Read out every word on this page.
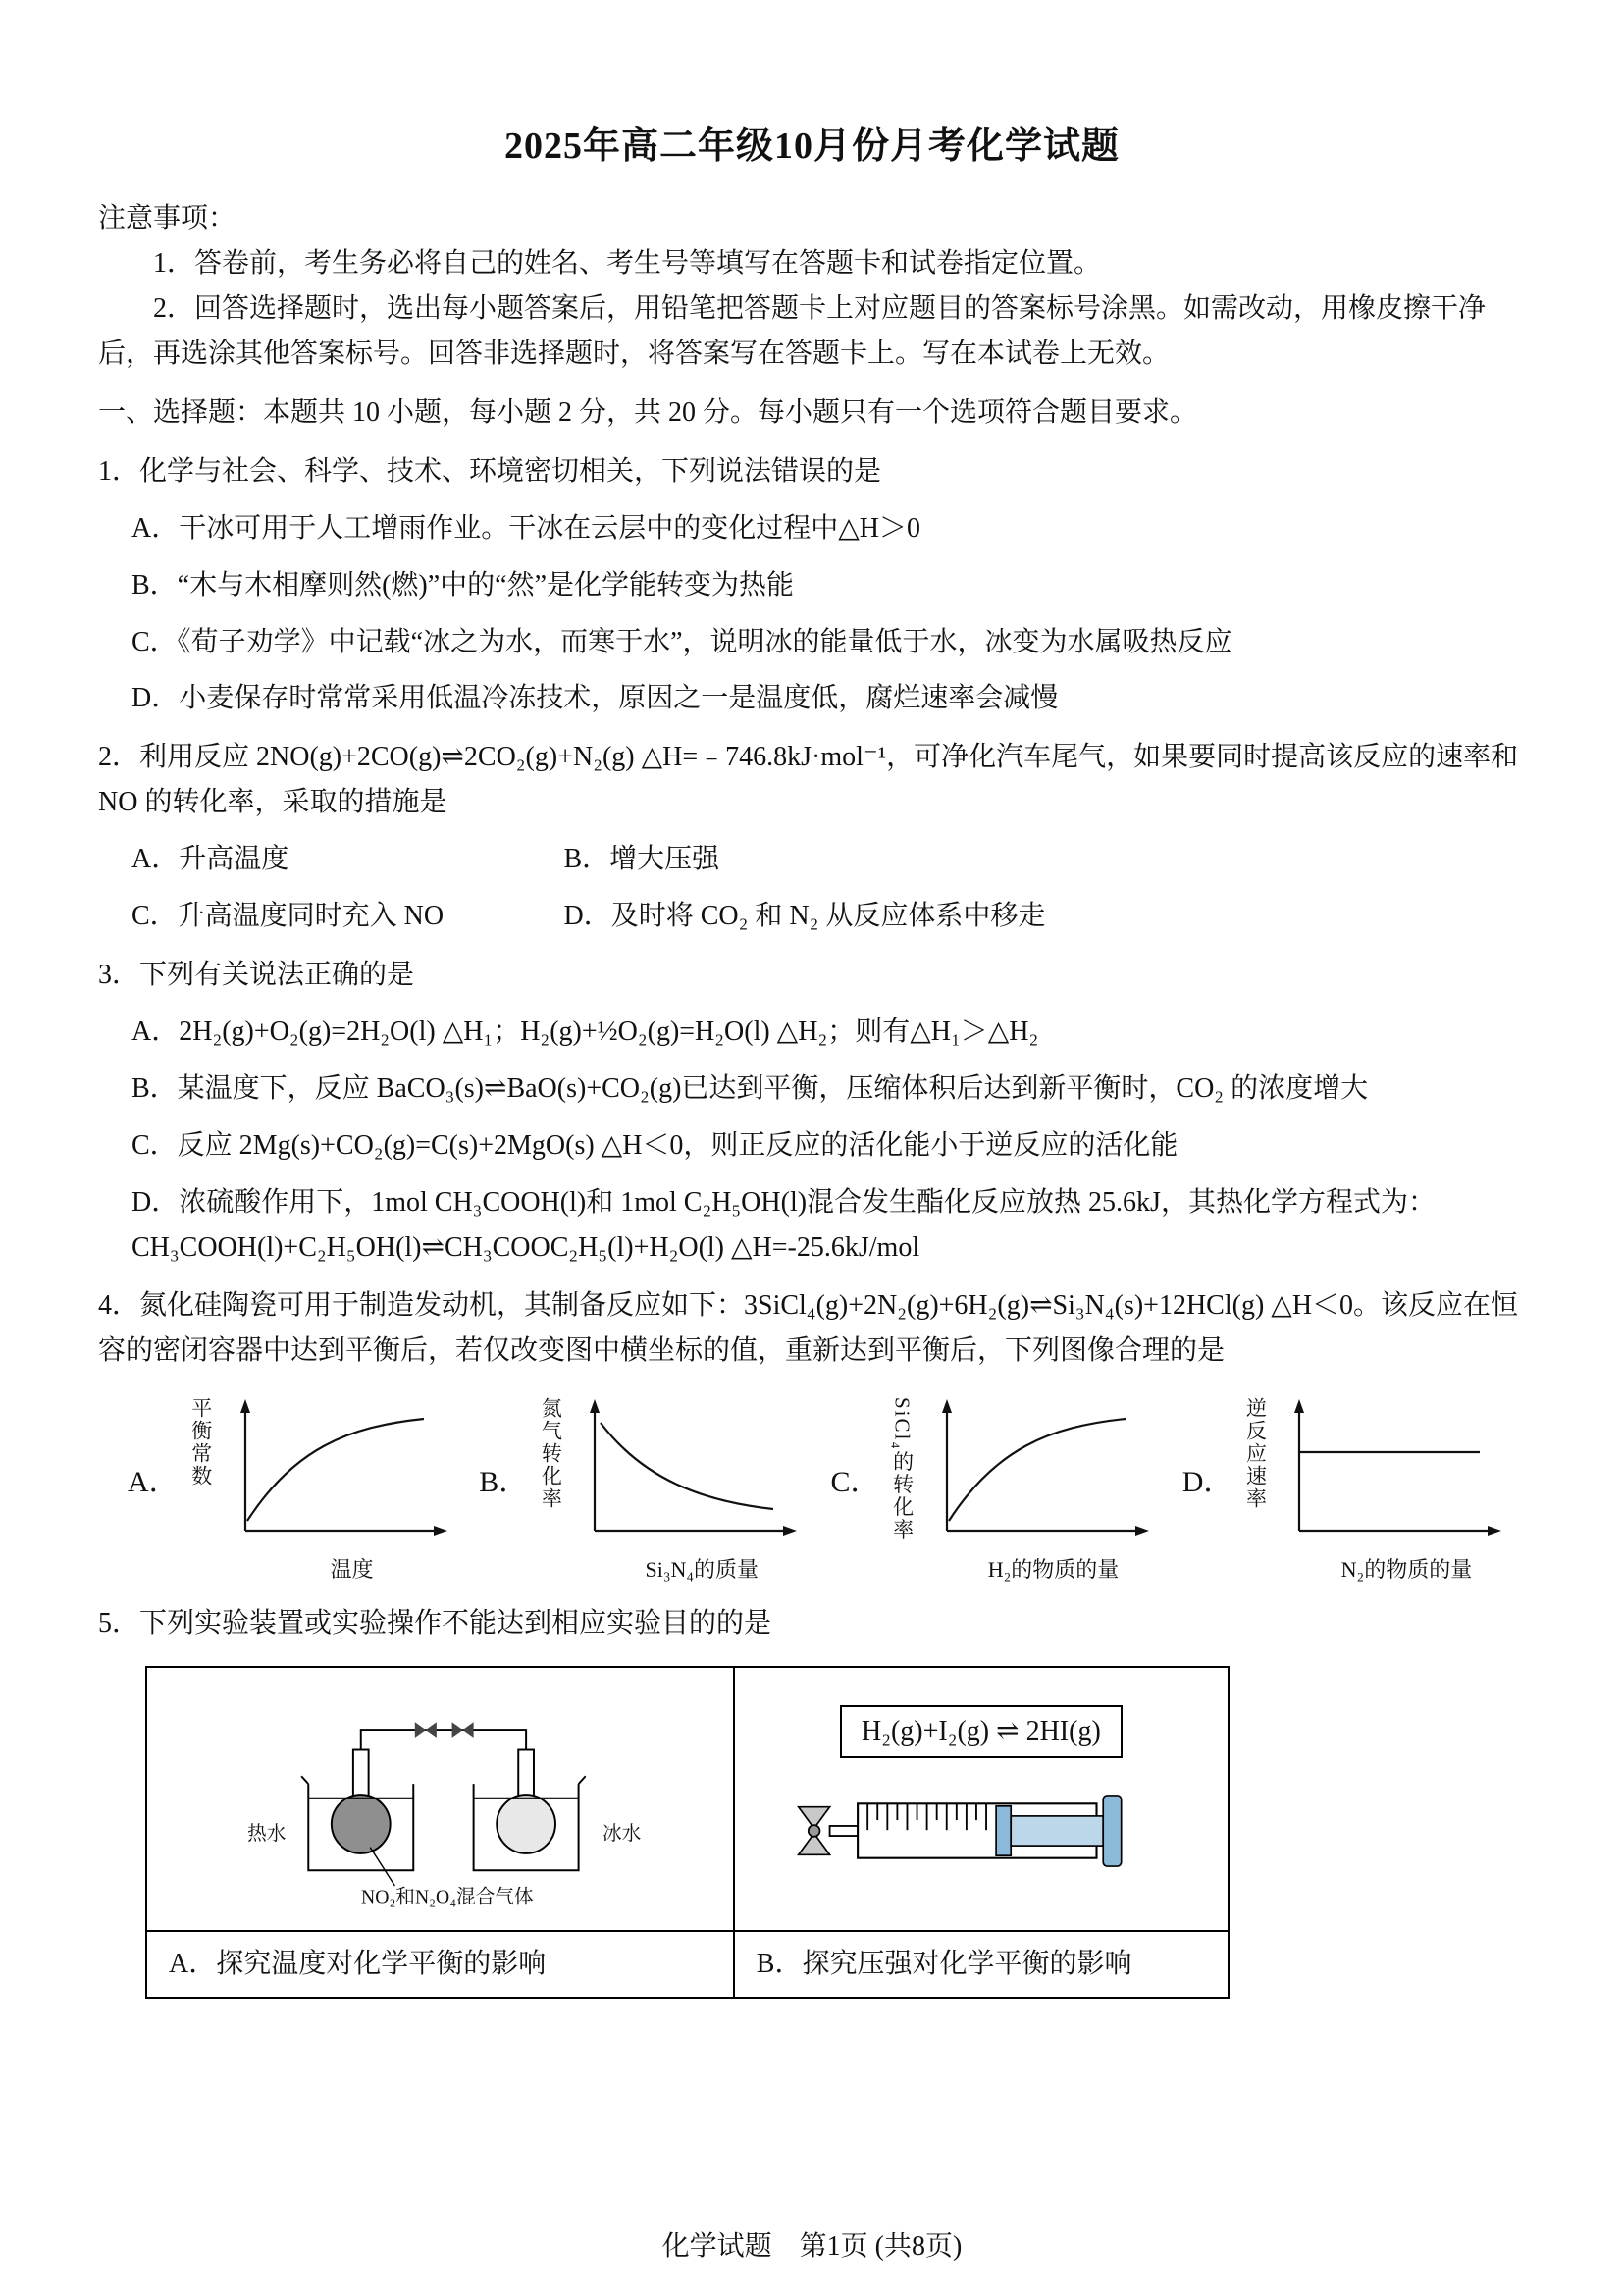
2025年高二年级10月份月考化学试题

注意事项：

1．答卷前，考生务必将自己的姓名、考生号等填写在答题卡和试卷指定位置。

2．回答选择题时，选出每小题答案后，用铅笔把答题卡上对应题目的答案标号涂黑。如需改动，用橡皮擦干净后，再选涂其他答案标号。回答非选择题时，将答案写在答题卡上。写在本试卷上无效。

一、选择题：本题共 10 小题，每小题 2 分，共 20 分。每小题只有一个选项符合题目要求。

1．化学与社会、科学、技术、环境密切相关，下列说法错误的是

A．干冰可用于人工增雨作业。干冰在云层中的变化过程中△H＞0

B．“木与木相摩则然(燃)”中的“然”是化学能转变为热能

C．《荀子劝学》中记载“冰之为水，而寒于水”，说明冰的能量低于水，冰变为水属吸热反应

D．小麦保存时常常采用低温冷冻技术，原因之一是温度低，腐烂速率会减慢

2．利用反应 2NO(g)+2CO(g)⇌2CO₂(g)+N₂(g) △H=﹣746.8kJ·mol⁻¹，可净化汽车尾气，如果要同时提高该反应的速率和 NO 的转化率，采取的措施是

A．升高温度	B．增大压强
C．升高温度同时充入 NO	D．及时将 CO₂ 和 N₂ 从反应体系中移走

3．下列有关说法正确的是

A．2H₂(g)+O₂(g)=2H₂O(l) △H₁；H₂(g)+½O₂(g)=H₂O(l) △H₂；则有△H₁＞△H₂

B．某温度下，反应 BaCO₃(s)⇌BaO(s)+CO₂(g)已达到平衡，压缩体积后达到新平衡时，CO₂ 的浓度增大

C．反应 2Mg(s)+CO₂(g)=C(s)+2MgO(s) △H＜0，则正反应的活化能小于逆反应的活化能

D．浓硫酸作用下，1mol CH₃COOH(l)和 1mol C₂H₅OH(l)混合发生酯化反应放热 25.6kJ，其热化学方程式为：CH₃COOH(l)+C₂H₅OH(l)⇌CH₃COOC₂H₅(l)+H₂O(l) △H=-25.6kJ/mol

4．氮化硅陶瓷可用于制造发动机，其制备反应如下：3SiCl₄(g)+2N₂(g)+6H₂(g)⇌Si₃N₄(s)+12HCl(g) △H＜0。该反应在恒容的密闭容器中达到平衡后，若仅改变图中横坐标的值，重新达到平衡后，下列图像合理的是

A． 平衡常数
温度
B． 氮气转化率
Si₃N₄的质量
C． SiCl₄的转化率
H₂的物质的量
D． 逆反应速率
N₂的物质的量

5．下列实验装置或实验操作不能达到相应实验目的的是

热水 冰水
NO₂和N₂O₄混合气体	H₂(g)+I₂(g) ⇌ 2HI(g)

A．探究温度对化学平衡的影响	B．探究压强对化学平衡的影响
化学试题　第1页 (共8页)
